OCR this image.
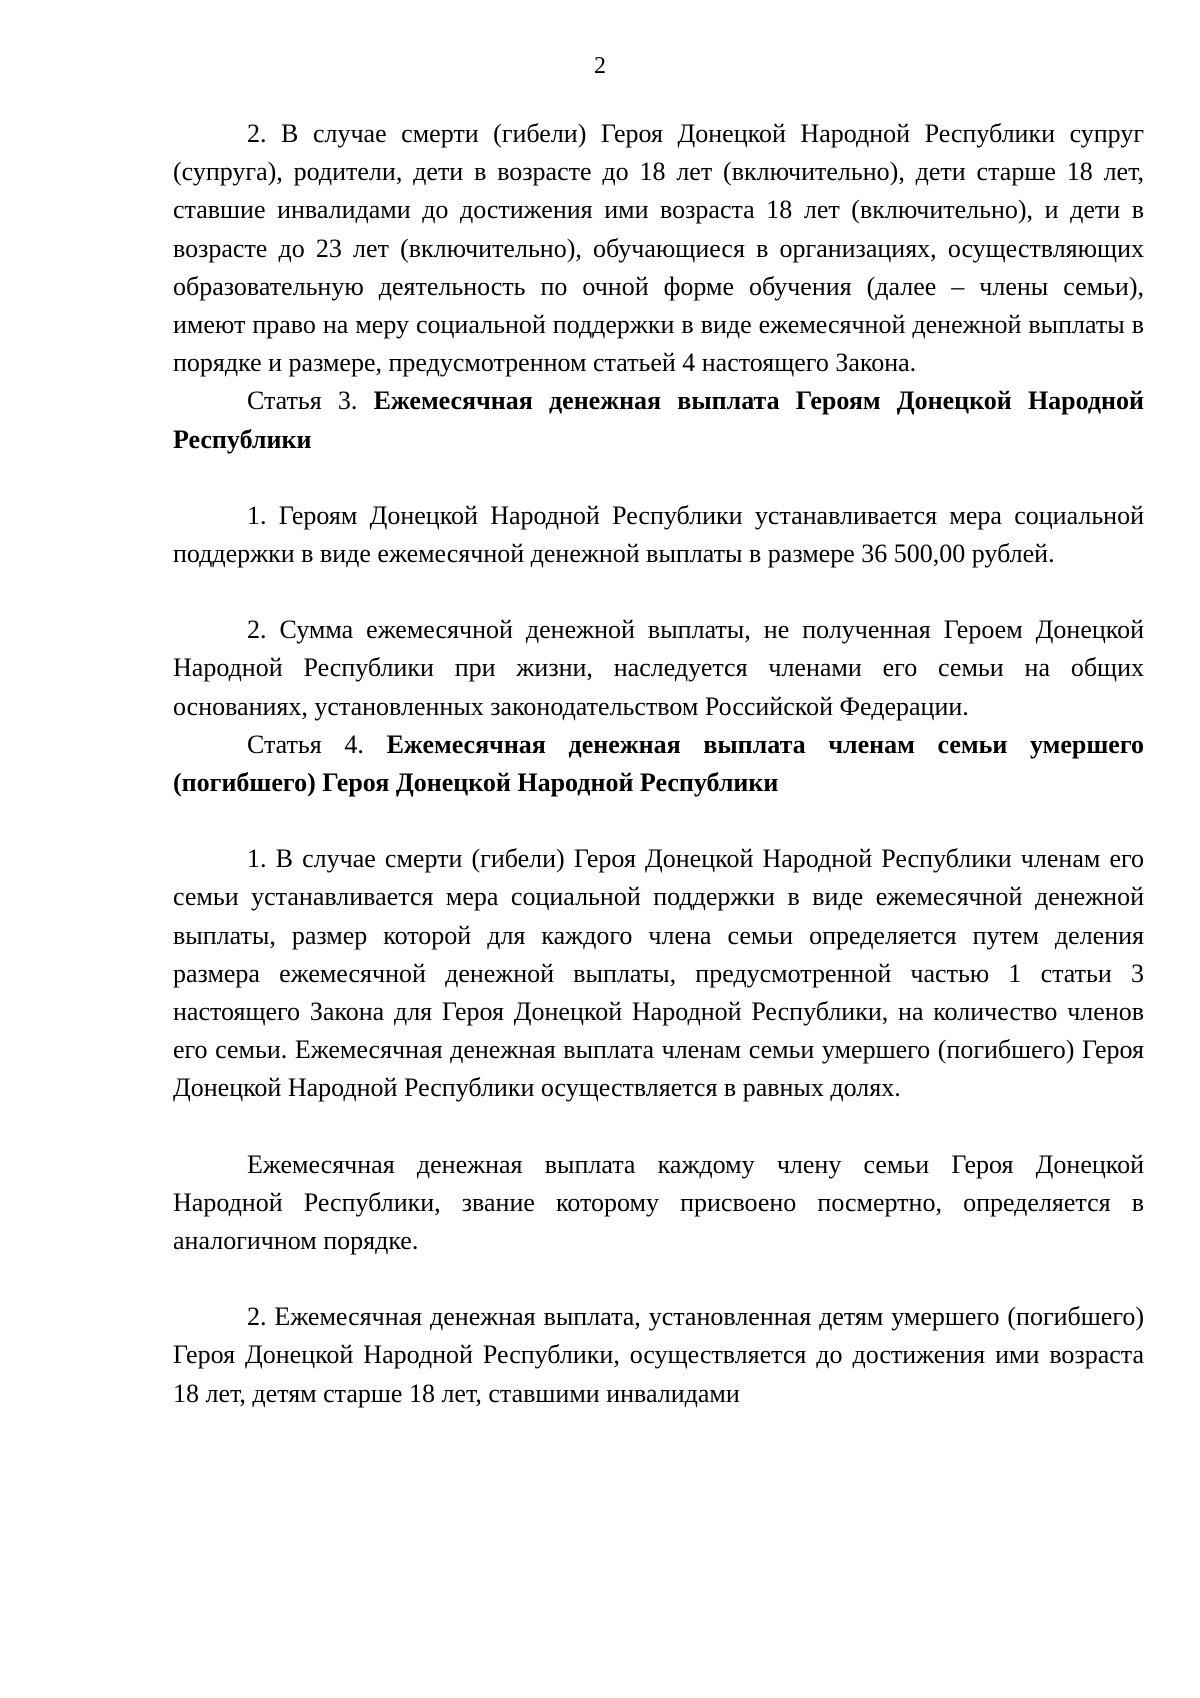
2

2. В случае смерти (гибели) Героя Донецкой Народной Республики супруг (супруга), родители, дети в возрасте до 18 лет (включительно), дети старше 18 лет, ставшие инвалидами до достижения ими возраста 18 лет (включительно), и дети в возрасте до 23 лет (включительно), обучающиеся в организациях, осуществляющих образовательную деятельность по очной форме обучения (далее – члены семьи), имеют право на меру социальной поддержки в виде ежемесячной денежной выплаты в порядке и размере, предусмотренном статьей 4 настоящего Закона.

Статья 3. Ежемесячная денежная выплата Героям Донецкой Народной Республики

1. Героям Донецкой Народной Республики устанавливается мера социальной поддержки в виде ежемесячной денежной выплаты в размере 36 500,00 рублей.

2. Сумма ежемесячной денежной выплаты, не полученная Героем Донецкой Народной Республики при жизни, наследуется членами его семьи на общих основаниях, установленных законодательством Российской Федерации.

Статья 4. Ежемесячная денежная выплата членам семьи умершего (погибшего) Героя Донецкой Народной Республики

1. В случае смерти (гибели) Героя Донецкой Народной Республики членам его семьи устанавливается мера социальной поддержки в виде ежемесячной денежной выплаты, размер которой для каждого члена семьи определяется путем деления размера ежемесячной денежной выплаты, предусмотренной частью 1 статьи 3 настоящего Закона для Героя Донецкой Народной Республики, на количество членов его семьи. Ежемесячная денежная выплата членам семьи умершего (погибшего) Героя Донецкой Народной Республики осуществляется в равных долях.

Ежемесячная денежная выплата каждому члену семьи Героя Донецкой Народной Республики, звание которому присвоено посмертно, определяется в аналогичном порядке.

2. Ежемесячная денежная выплата, установленная детям умершего (погибшего) Героя Донецкой Народной Республики, осуществляется до достижения ими возраста 18 лет, детям старше 18 лет, ставшими инвалидами
